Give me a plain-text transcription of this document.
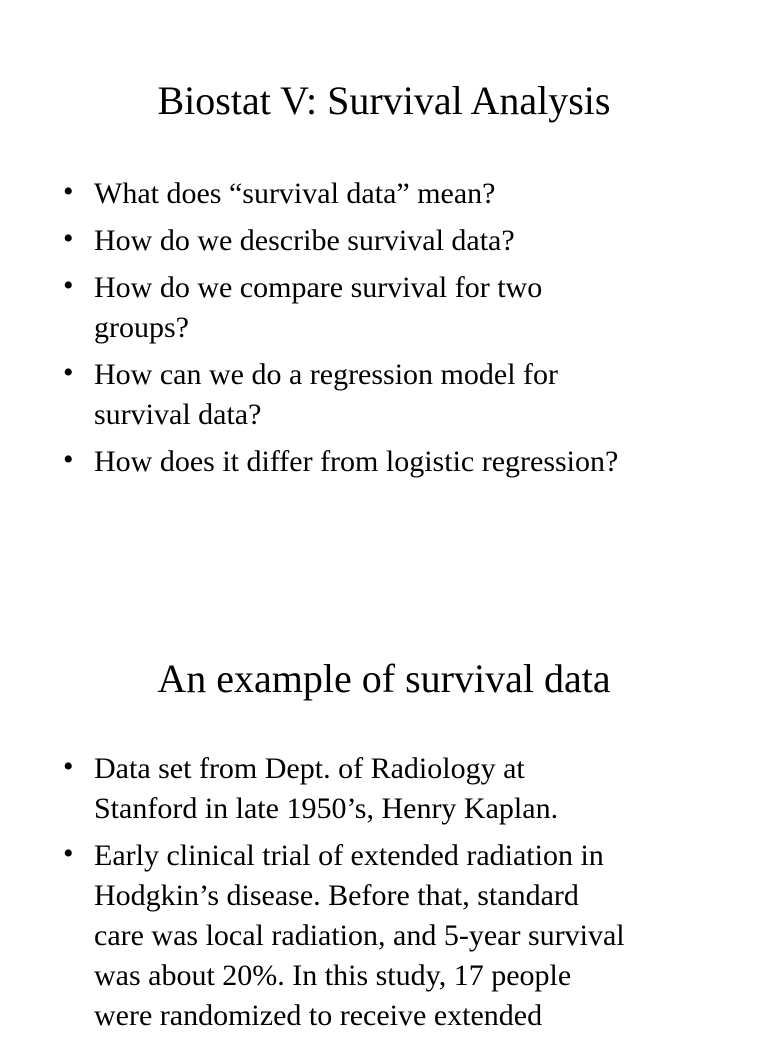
Biostat V: Survival Analysis
• What does “survival data” mean?
• How do we describe survival data?
• How do we compare survival for two
groups?
• How can we do a regression model for
survival data?
• How does it differ from logistic regression?
An example of survival data
• Data set from Dept. of Radiology at
Stanford in late 1950’s, Henry Kaplan.
• Early clinical trial of extended radiation in
Hodgkin’s disease. Before that, standard
care was local radiation, and 5-year survival
was about 20%. In this study, 17 people
were randomized to receive extended
